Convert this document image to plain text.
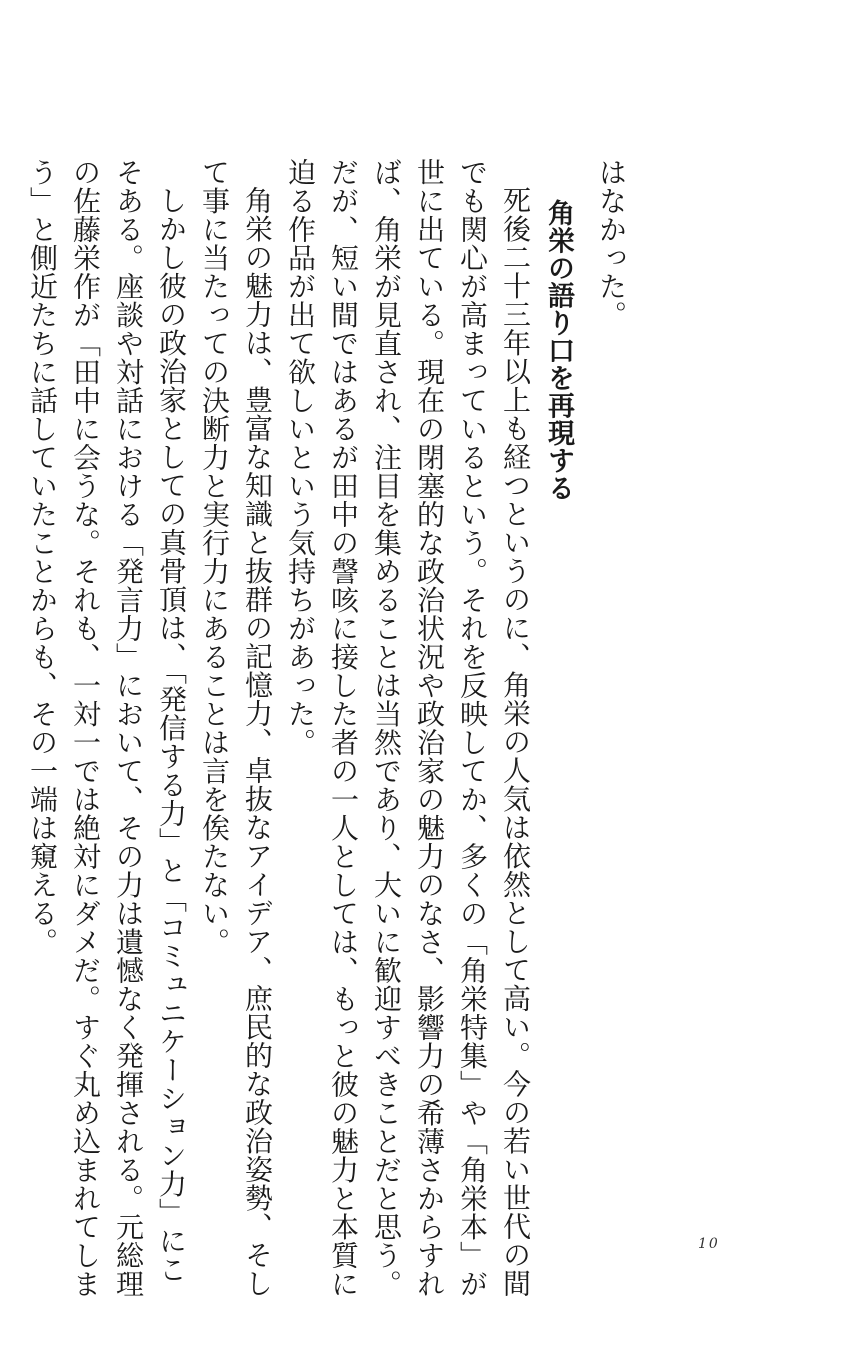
はなかった。
角栄の語り口を再現する
死後二十三年以上も経つというのに、角栄の人気は依然として高い。今の若い世代の間
でも関心が高まっているという。それを反映してか、多くの「角栄特集」や「角栄本」が
世に出ている。現在の閉塞的な政治状況や政治家の魅力のなさ、影響力の希薄さからすれ
ば、角栄が見直され、注目を集めることは当然であり、大いに歓迎すべきことだと思う。
だが、短い間ではあるが田中の謦咳に接した者の一人としては、もっと彼の魅力と本質に
迫る作品が出て欲しいという気持ちがあった。
角栄の魅力は、豊富な知識と抜群の記憶力、卓抜なアイデア、庶民的な政治姿勢、そし
て事に当たっての決断力と実行力にあることは言を俟たない。
しかし彼の政治家としての真骨頂は、「発信する力」と「コミュニケーション力」にこ
そある。座談や対話における「発言力」において、その力は遺憾なく発揮される。元総理
の佐藤栄作が「田中に会うな。それも、一対一では絶対にダメだ。すぐ丸め込まれてしま
う」と側近たちに話していたことからも、その一端は窺える。
10
